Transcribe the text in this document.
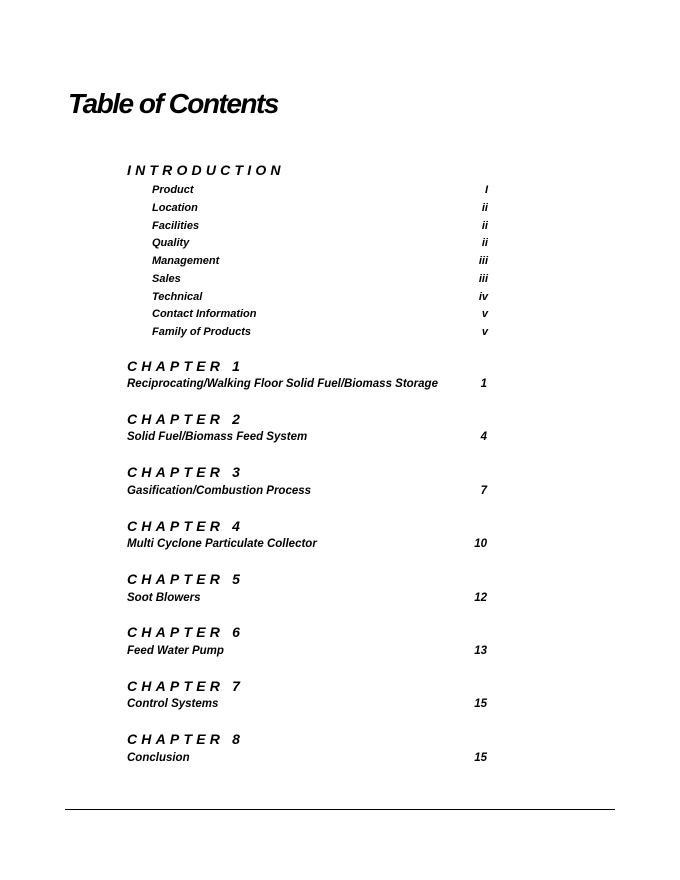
Table of Contents
INTRODUCTION
Product	I
Location	ii
Facilities	ii
Quality	ii
Management	iii
Sales	iii
Technical	iv
Contact Information	v
Family of Products	v
CHAPTER 1
Reciprocating/Walking Floor Solid Fuel/Biomass Storage	1
CHAPTER 2
Solid Fuel/Biomass Feed System	4
CHAPTER 3
Gasification/Combustion Process	7
CHAPTER 4
Multi Cyclone Particulate Collector	10
CHAPTER 5
Soot Blowers	12
CHAPTER 6
Feed Water Pump	13
CHAPTER 7
Control Systems	15
CHAPTER 8
Conclusion	15
